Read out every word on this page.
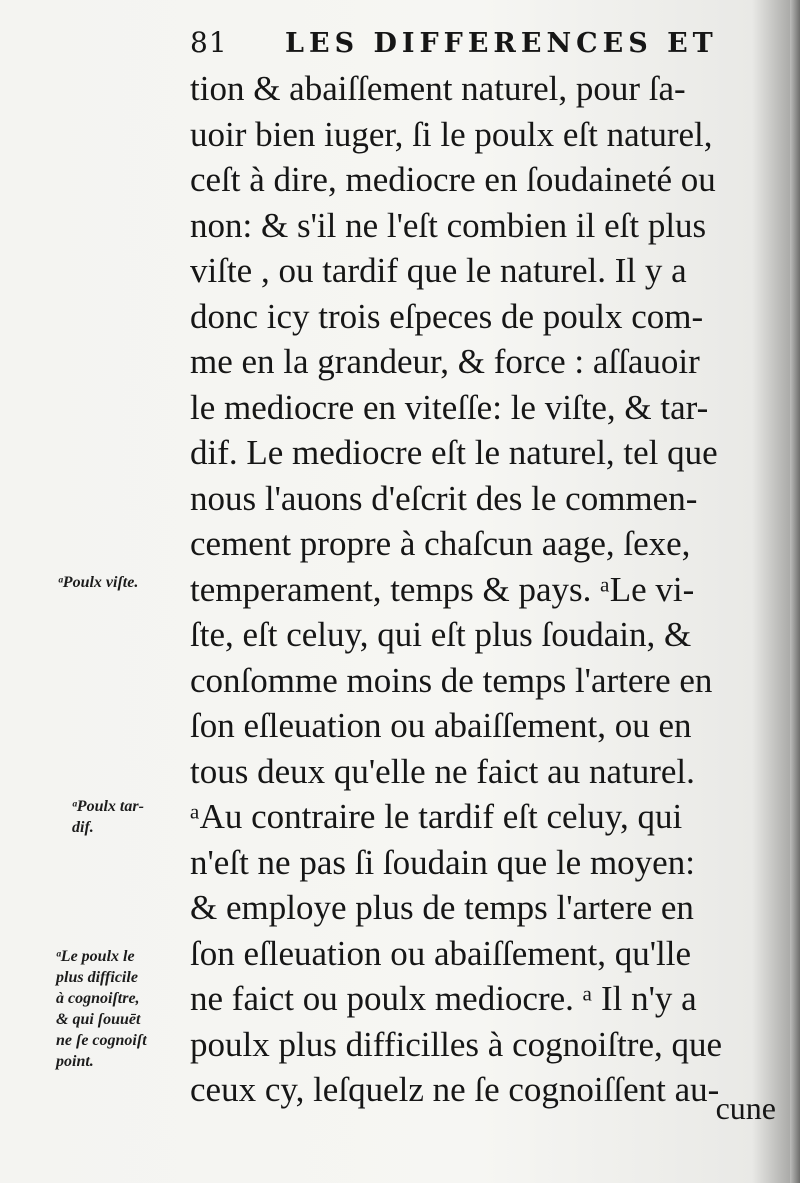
81 LES DIFFERENCES ET
tion & abaiſſement naturel, pour ſa-
uoir bien iuger, ſi le poulx eſt naturel,
ceſt à dire, mediocre en ſoudaineté ou
non: & s'il ne l'eſt combien il eſt plus
viſte , ou tardif que le naturel. Il y a
donc icy trois eſpeces de poulx com-
me en la grandeur, & force : aſſauoir
le mediocre en viteſſe: le viſte, & tar-
dif. Le mediocre eſt le naturel, tel que
nous l'auons d'eſcrit des le commen-
cement propre à chaſcun aage, ſexe,
temperament, temps & pays. ᵃLe vi-
ſte, eſt celuy, qui eſt plus ſoudain, &
conſomme moins de temps l'artere en
ſon eſleuation ou abaiſſement, ou en
tous deux qu'elle ne faict au naturel.
ᵃAu contraire le tardif eſt celuy, qui
n'eſt ne pas ſi ſoudain que le moyen:
& employe plus de temps l'artere en
ſon eſleuation ou abaiſſement, qu'lle
ne faict ou poulx mediocre. ᵃ Il n'y a
poulx plus difficilles à cognoiſtre, que
ceux cy, leſquelz ne ſe cognoiſſent au-
ᵃPoulx viſte.
ᵃPoulx tar-
dif.
ᵃLe poulx le
plus difficile
à cognoiſtre,
& qui ſouuēt
ne ſe cognoiſt
point.
cune
